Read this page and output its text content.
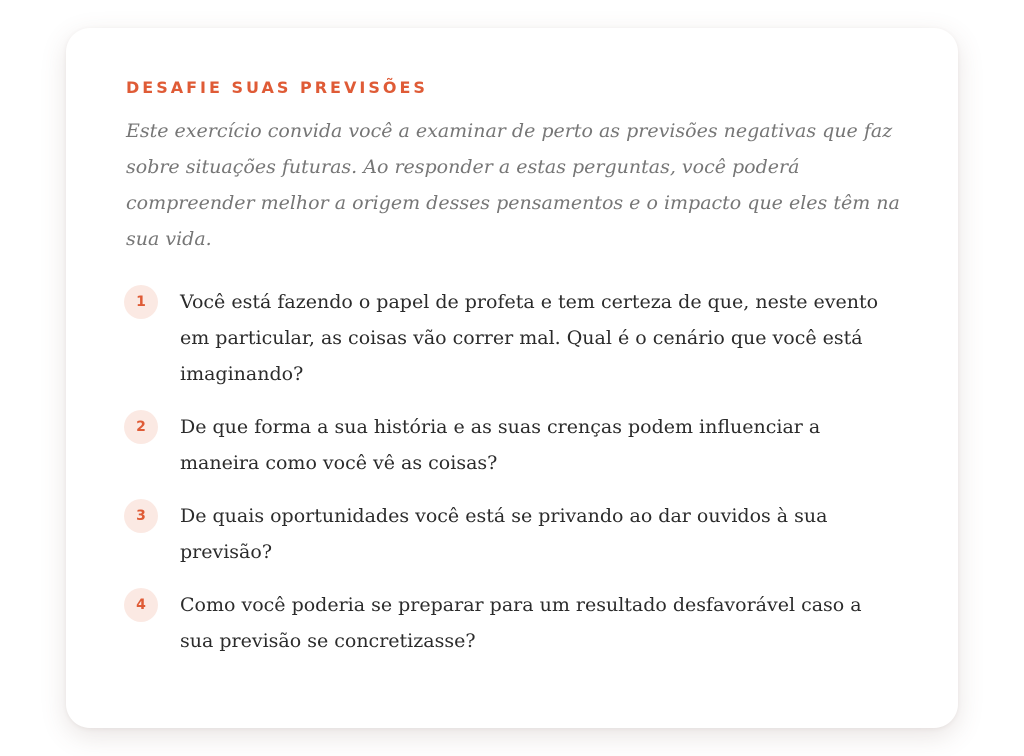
DESAFIE SUAS PREVISÕES

Este exercício convida você a examinar de perto as previsões negativas que faz sobre situações futuras. Ao responder a estas perguntas, você poderá compreender melhor a origem desses pensamentos e o impacto que eles têm na sua vida.

1	Você está fazendo o papel de profeta e tem certeza de que, neste evento em particular, as coisas vão correr mal. Qual é o cenário que você está imaginando?
2	De que forma a sua história e as suas crenças podem influenciar a maneira como você vê as coisas?
3	De quais oportunidades você está se privando ao dar ouvidos à sua previsão?
4	Como você poderia se preparar para um resultado desfavorável caso a sua previsão se concretizasse?
